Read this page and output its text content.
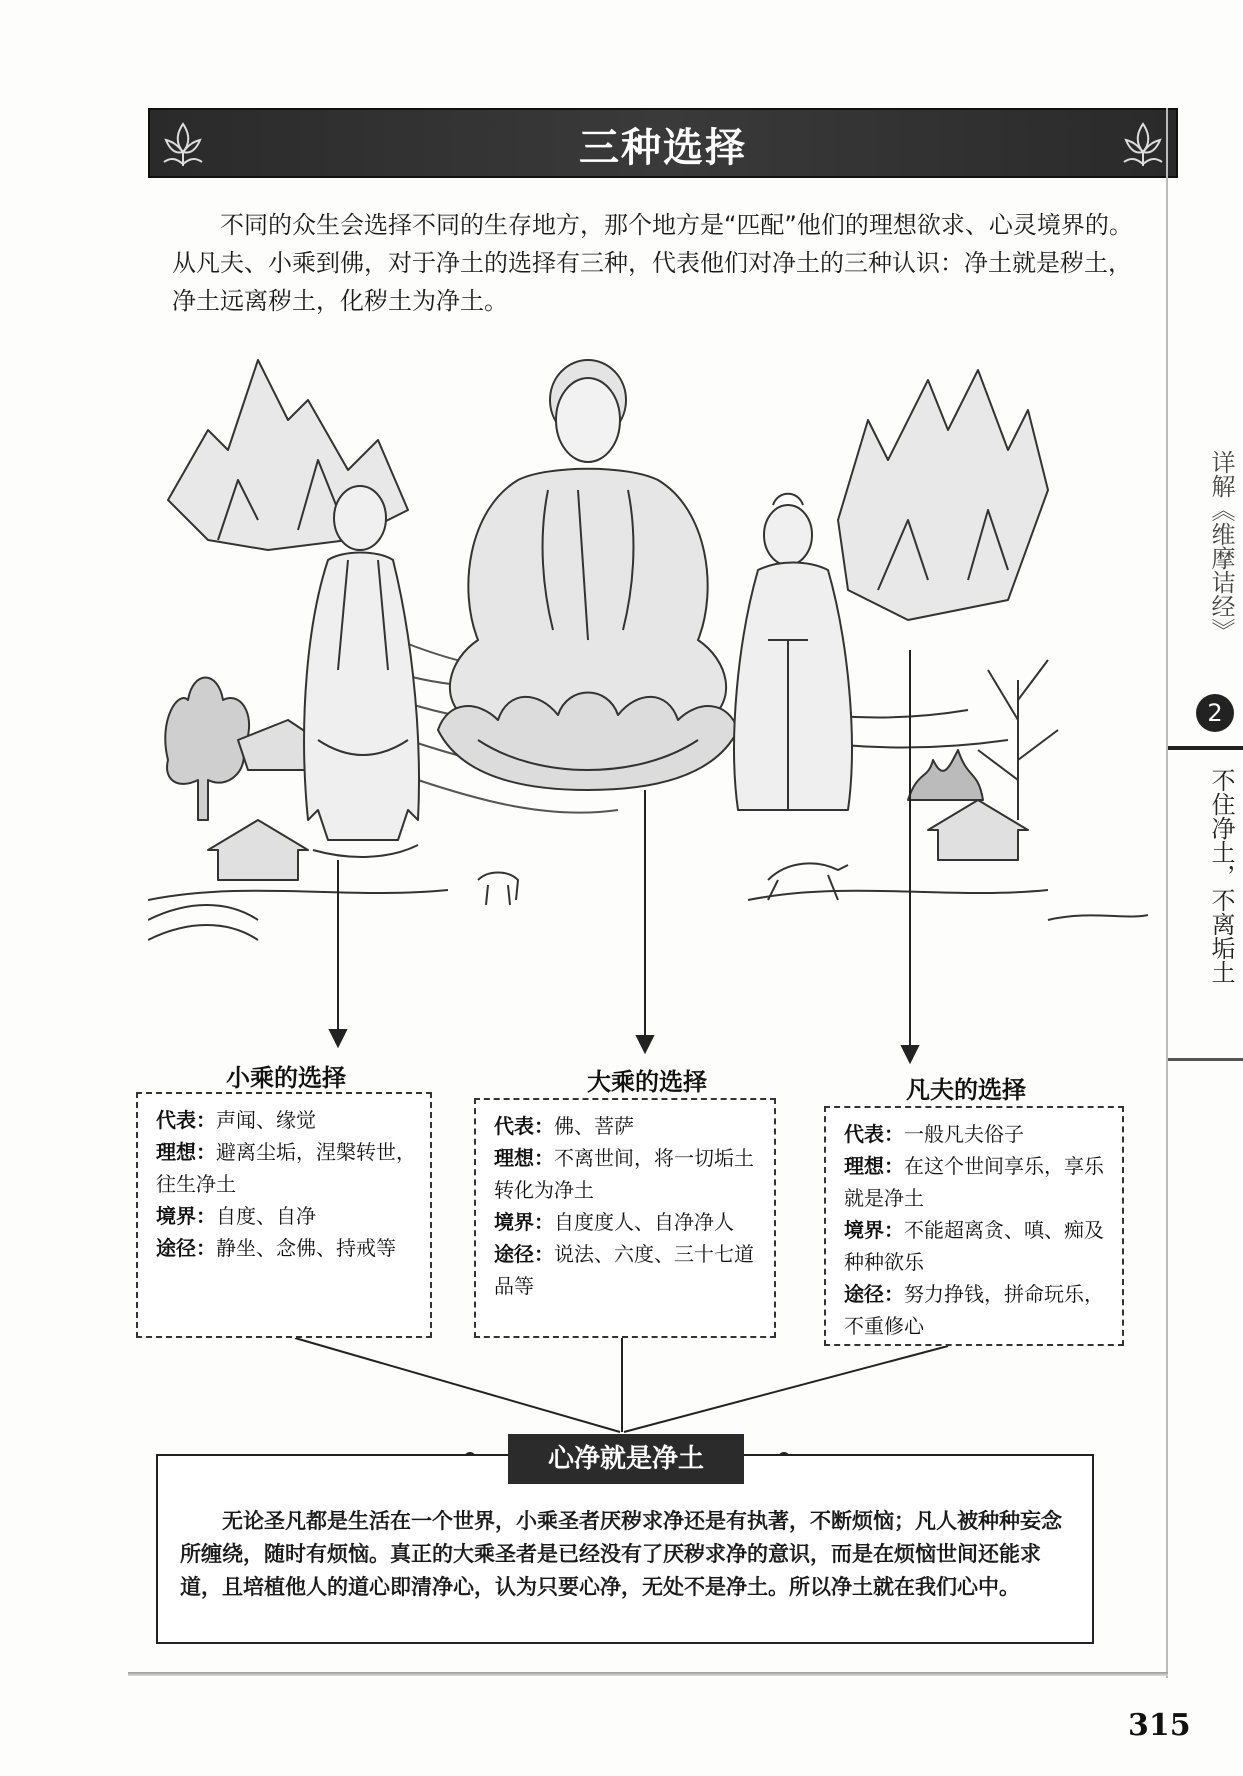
三种选择
不同的众生会选择不同的生存地方，那个地方是“匹配”他们的理想欲求、心灵境界的。从凡夫、小乘到佛，对于净土的选择有三种，代表他们对净土的三种认识：净土就是秽土，净土远离秽土，化秽土为净土。
详解《维摩诘经》
2
不住净土，不离垢土
小乘的选择

代表：声闻、缘觉

理想：避离尘垢，涅槃转世，往生净土

境界：自度、自净

途径：静坐、念佛、持戒等

大乘的选择

代表：佛、菩萨

理想：不离世间，将一切垢土转化为净土

境界：自度度人、自净净人

途径：说法、六度、三十七道品等

凡夫的选择

代表：一般凡夫俗子

理想：在这个世间享乐，享乐就是净土

境界：不能超离贪、嗔、痴及种种欲乐

途径：努力挣钱，拼命玩乐，不重修心

心净就是净土
无论圣凡都是生活在一个世界，小乘圣者厌秽求净还是有执著，不断烦恼；凡人被种种妄念所缠绕，随时有烦恼。真正的大乘圣者是已经没有了厌秽求净的意识，而是在烦恼世间还能求道，且培植他人的道心即清净心，认为只要心净，无处不是净土。所以净土就在我们心中。
315
